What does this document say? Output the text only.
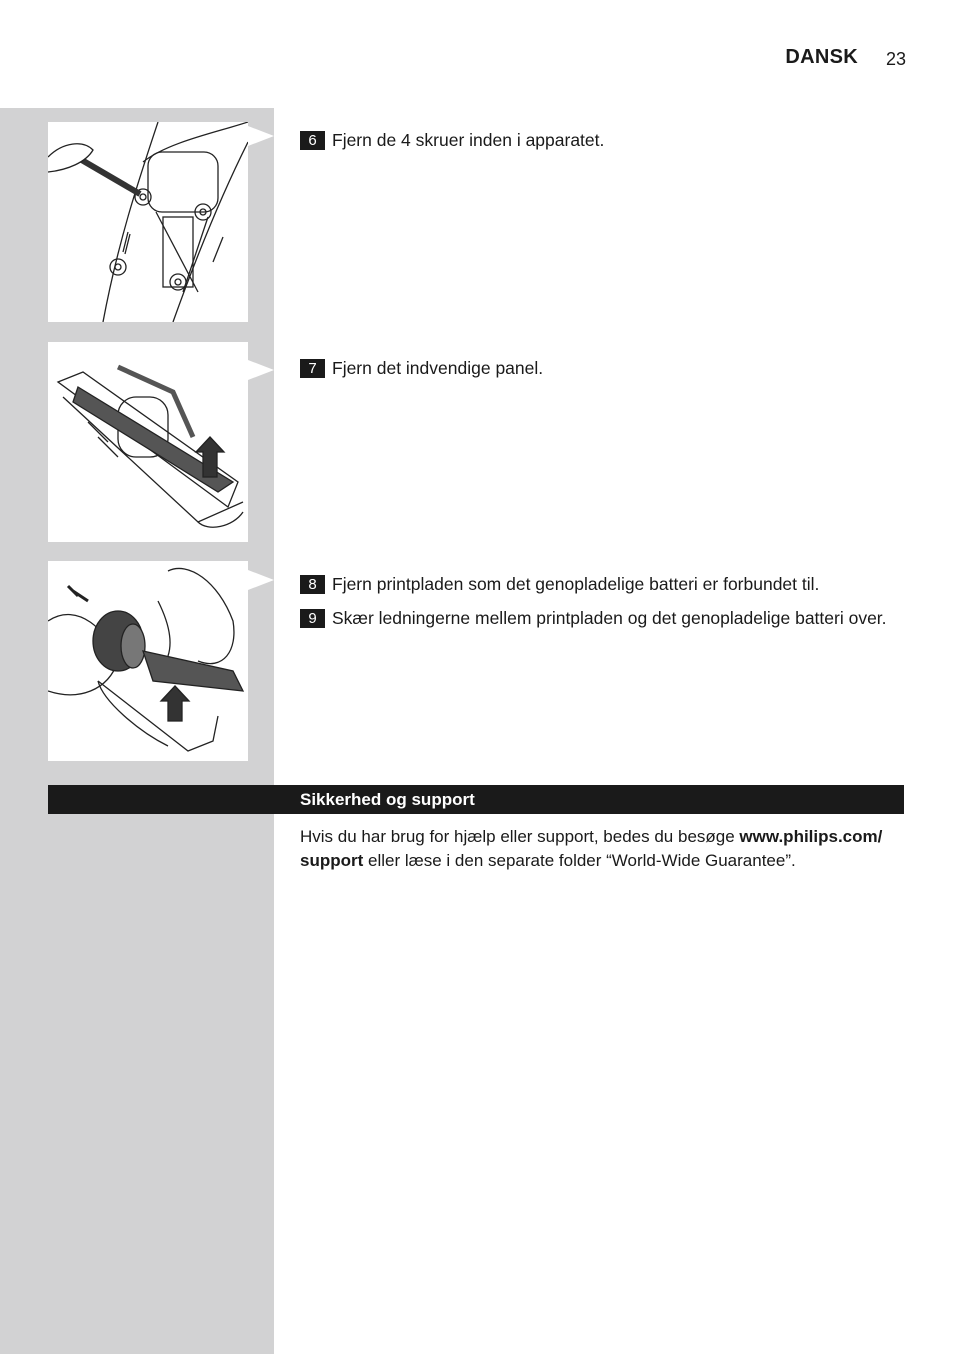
DANSK 23
6 Fjern de 4 skruer inden i apparatet.
7 Fjern det indvendige panel.
8 Fjern printpladen som det genopladelige batteri er forbundet til.
9 Skær ledningerne mellem printpladen og det genopladelige batteri over.
Sikkerhed og support
Hvis du har brug for hjælp eller support, bedes du besøge www.philips.com/ support eller læse i den separate folder “World-Wide Guarantee”.
